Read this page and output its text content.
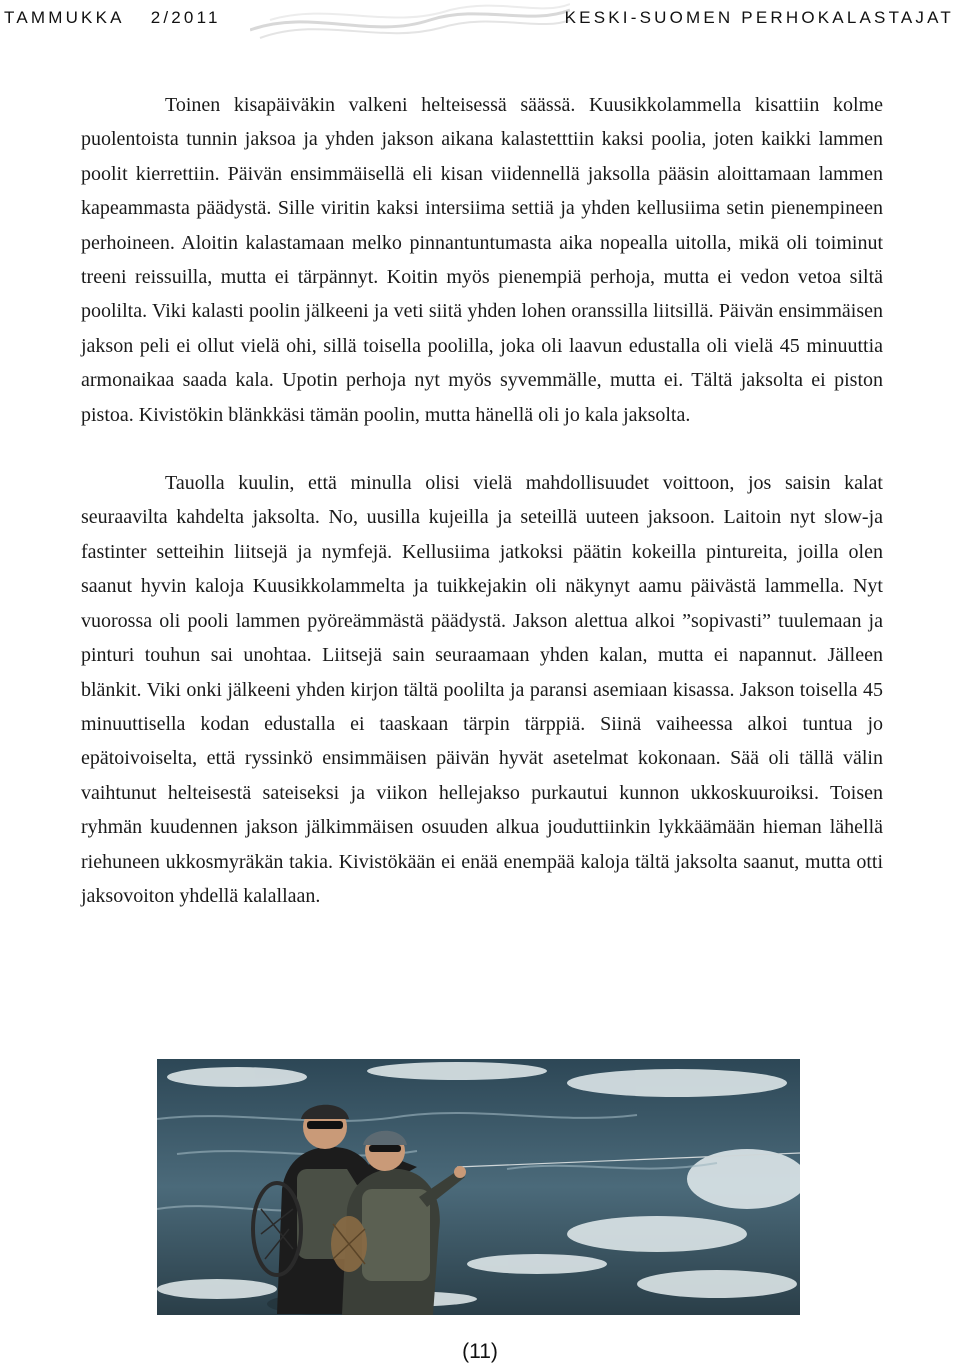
TAMMUKKA 2/2011	KESKI-SUOMEN PERHOKALASTAJAT

Toinen kisapäiväkin valkeni helteisessä säässä. Kuusikkolammella kisattiin kolme puolentoista tunnin jaksoa ja yhden jakson aikana kalastetttiin kaksi poolia, joten kaikki lammen poolit kierrettiin. Päivän ensimmäisellä eli kisan viidennellä jaksolla pääsin aloittamaan lammen kapeammasta päädystä. Sille viritin kaksi intersiima settiä ja yhden kellusiima setin pienempineen perhoineen. Aloitin kalastamaan melko pinnantuntumasta aika nopealla uitolla, mikä oli toiminut treeni reissuilla, mutta ei tärpännyt. Koitin myös pienempiä perhoja, mutta ei vedon vetoa siltä poolilta. Viki kalasti poolin jälkeeni ja veti siitä yhden lohen oranssilla liitsillä. Päivän ensimmäisen jakson peli ei ollut vielä ohi, sillä toisella poolilla, joka oli laavun edustalla oli vielä 45 minuuttia armonaikaa saada kala. Upotin perhoja nyt myös syvemmälle, mutta ei. Tältä jaksolta ei piston pistoa. Kivistökin blänkkäsi tämän poolin, mutta hänellä oli jo kala jaksolta.

Tauolla kuulin, että minulla olisi vielä mahdollisuudet voittoon, jos saisin kalat seuraavilta kahdelta jaksolta. No, uusilla kujeilla ja seteillä uuteen jaksoon. Laitoin nyt slow-ja fastinter setteihin liitsejä ja nymfejä. Kellusiima jatkoksi päätin kokeilla pintureita, joilla olen saanut hyvin kaloja Kuusikkolammelta ja tuikkejakin oli näkynyt aamu päivästä lammella. Nyt vuorossa oli pooli lammen pyöreämmästä päädystä. Jakson alettua alkoi ”sopivasti” tuulemaan ja pinturi touhun sai unohtaa. Liitsejä sain seuraamaan yhden kalan, mutta ei napannut. Jälleen blänkit. Viki onki jälkeeni yhden kirjon tältä poolilta ja paransi asemiaan kisassa. Jakson toisella 45 minuuttisella kodan edustalla ei taaskaan tärpin tärppiä. Siinä vaiheessa alkoi tuntua jo epätoivoiselta, että ryssinkö ensimmäisen päivän hyvät asetelmat kokonaan. Sää oli tällä välin vaihtunut helteisestä sateiseksi ja viikon hellejakso purkautui kunnon ukkoskuuroiksi. Toisen ryhmän kuudennen jakson jälkimmäisen osuuden alkua jouduttiinkin lykkäämään hieman lähellä riehuneen ukkosmyräkän takia. Kivistökään ei enää enempää kaloja tältä jaksolta saanut, mutta otti jaksovoiton yhdellä kalallaan.

(11)
